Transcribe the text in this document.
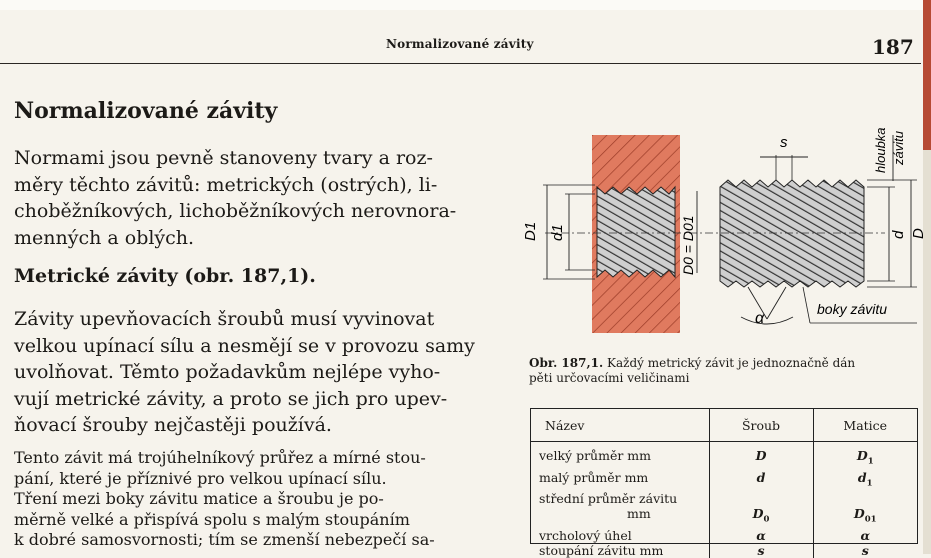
Normalizované závity	187
Normalizované závity
Normami jsou pevně stanoveny tvary a roz-
měry těchto závitů: metrických (ostrých), li-
choběžníkových, lichoběžníkových nerovnora-
menných a oblých.
Metrické závity (obr. 187,1).
Závity upevňovacích šroubů musí vyvinovat
velkou upínací sílu a nesmějí se v provozu samy
uvolňovat. Těmto požadavkům nejlépe vyho-
vují metrické závity, a proto se jich pro upev-
ňovací šrouby nejčastěji používá.
Tento závit má trojúhelníkový průřez a mírné stou-
pání, které je příznivé pro velkou upínací sílu.
Tření mezi boky závitu matice a šroubu je po-
měrně velké a přispívá spolu s malým stoupáním
k dobré samosvornosti; tím se zmenší nebezpečí sa-
D1 d1	D0 = D01	d D
hloubka závitu
s
α
boky závitu
Obr. 187,1. Každý metrický závit je jednoznačně dán
pěti určovacími veličinami
Název	Šroub	Matice
velký průměr mm	D	$D_1$
malý průměr mm	d	$d_1$
střední průměr závitu		
mm	$D_0$	$D_{01}$
vrcholový úhel	α	α
stoupání závitu mm	s	s
